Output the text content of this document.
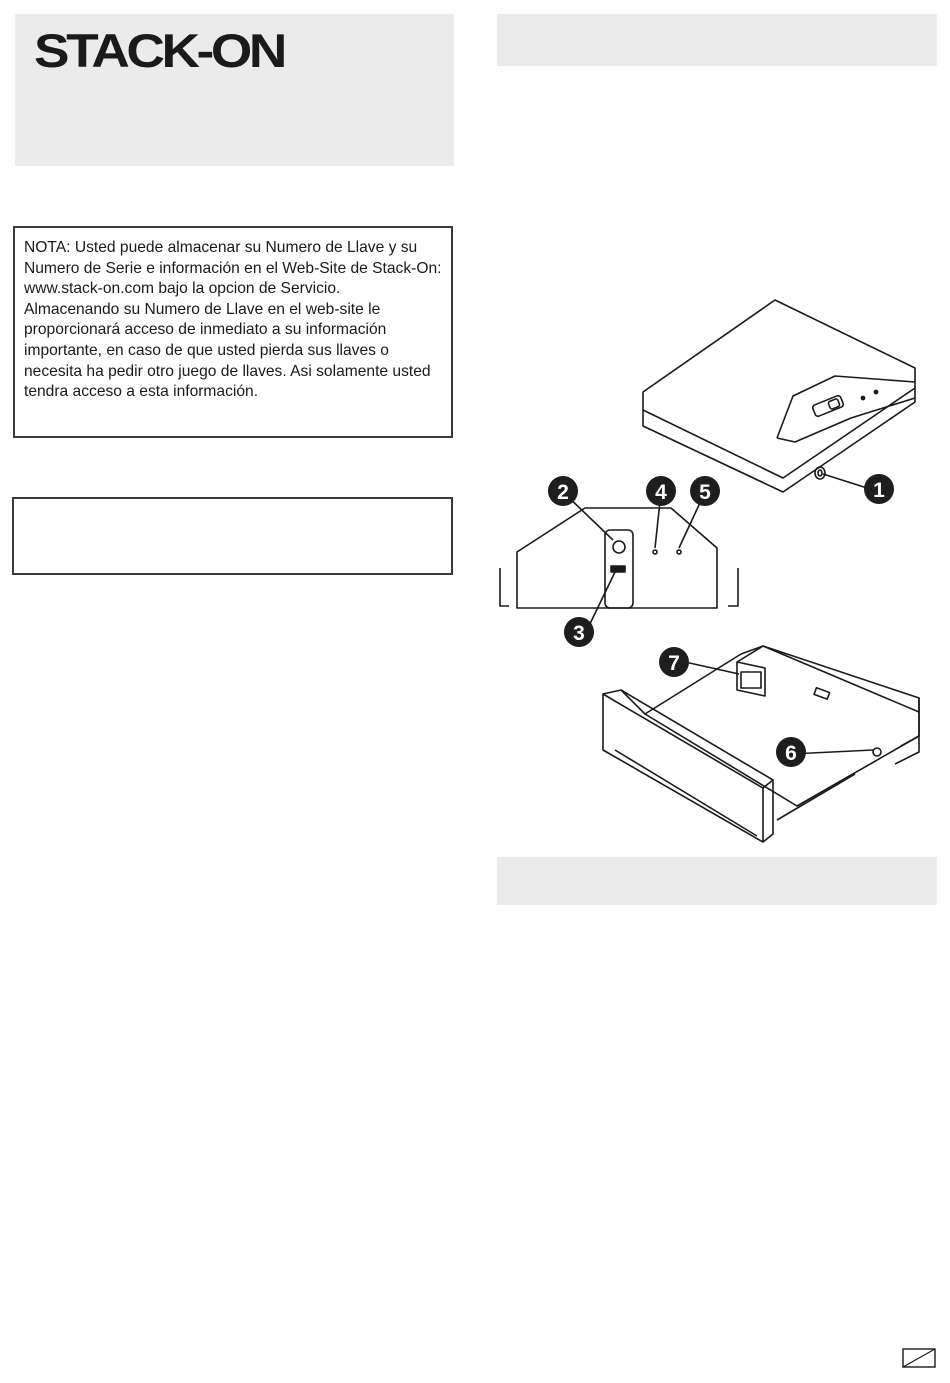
STACK-ON

NOTA: Usted puede almacenar su Numero de Llave y su Numero de Serie e información en el Web-Site de Stack-On: www.stack-on.com bajo la opcion de Servicio.

Almacenando su Numero de Llave en el web-site le proporcionará acceso de inmediato a su información importante, en caso de que usted pierda sus llaves o necesita ha pedir otro juego de llaves. Asi solamente usted tendra acceso a esta información.

1
2
3
4 5
6
7
